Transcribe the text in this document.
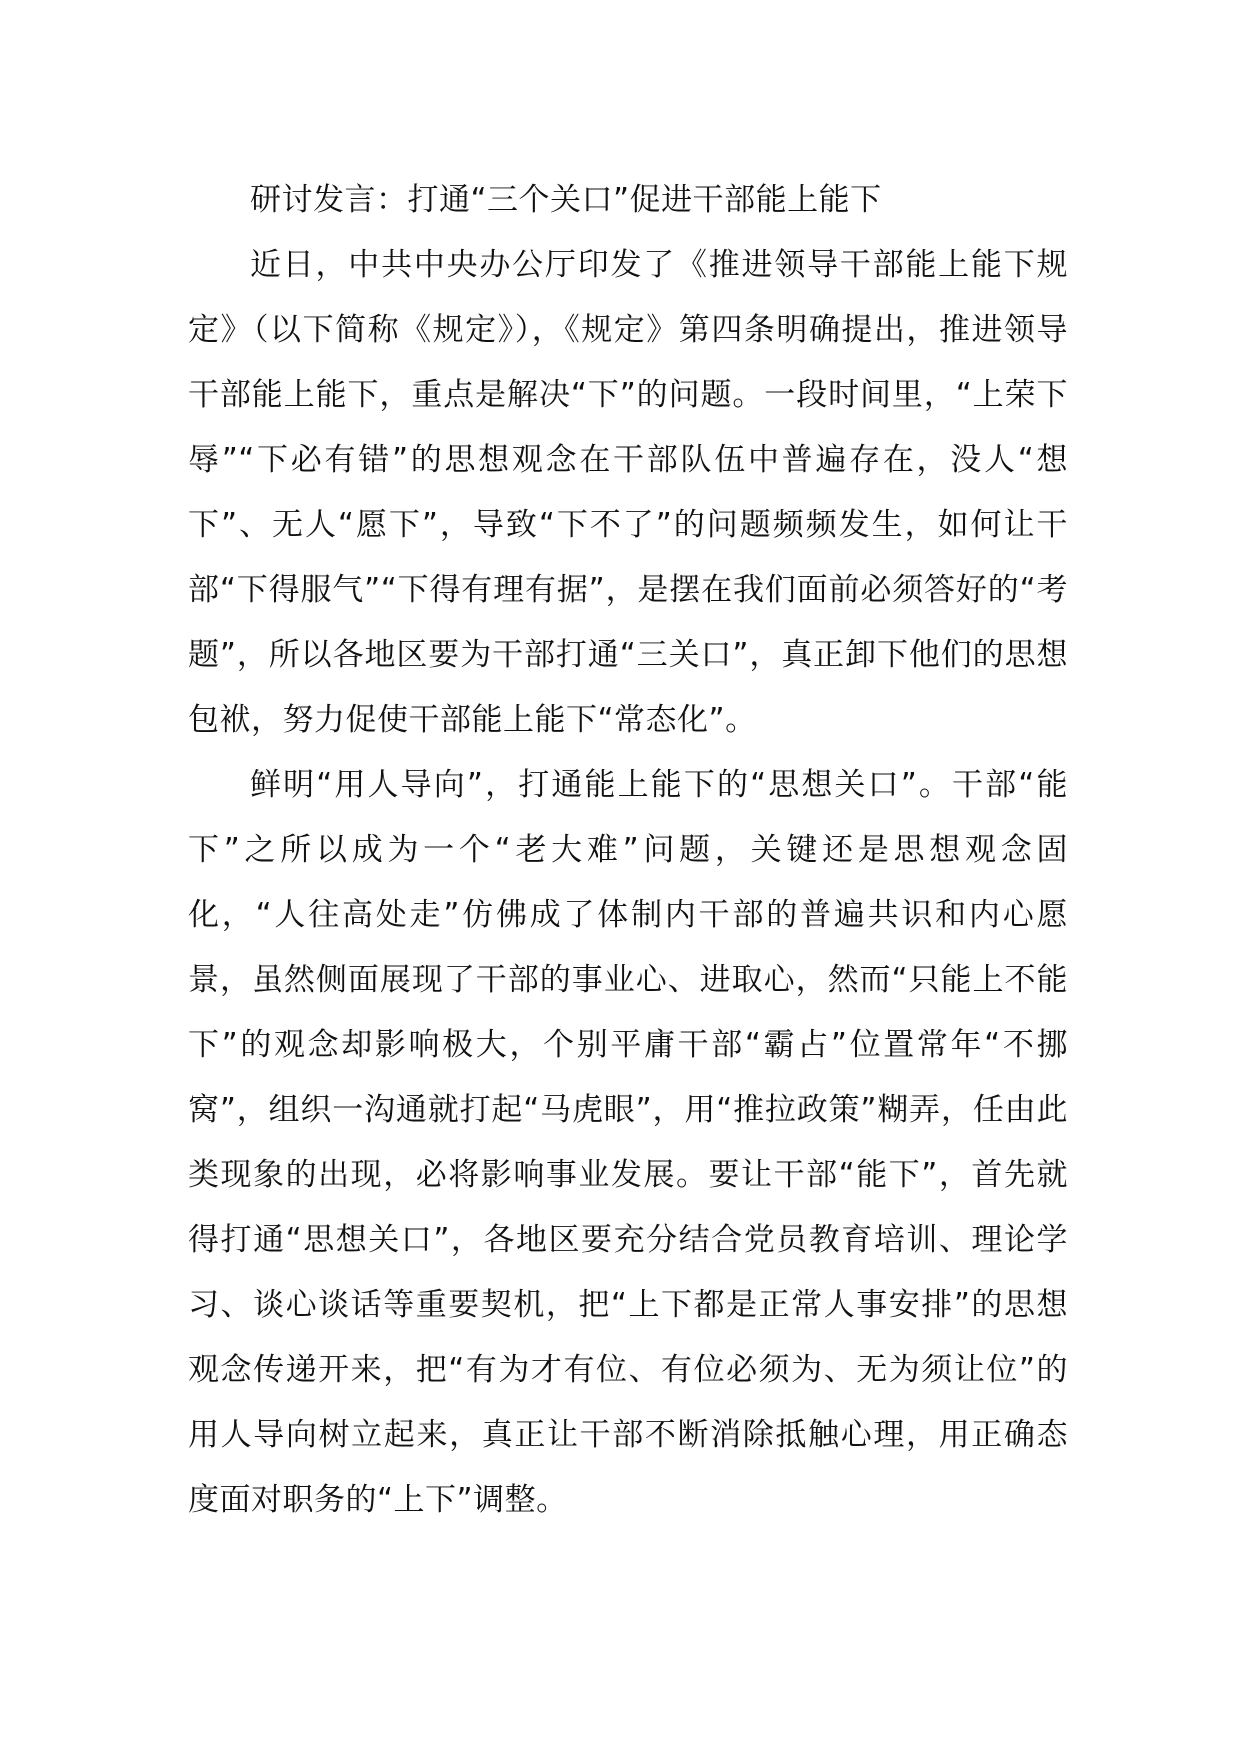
研讨发言：打通“三个关口”促进干部能上能下

近日，中共中央办公厅印发了《推进领导干部能上能下规定》（以下简称《规定》），《规定》第四条明确提出，推进领导干部能上能下，重点是解决“下”的问题。一段时间里，“上荣下辱”“下必有错”的思想观念在干部队伍中普遍存在，没人“想下”、无人“愿下”，导致“下不了”的问题频频发生，如何让干部“下得服气”“下得有理有据”，是摆在我们面前必须答好的“考题”，所以各地区要为干部打通“三关口”，真正卸下他们的思想包袱，努力促使干部能上能下“常态化”。

鲜明“用人导向”，打通能上能下的“思想关口”。干部“能下”之所以成为一个“老大难”问题，关键还是思想观念固化，“人往高处走”仿佛成了体制内干部的普遍共识和内心愿景，虽然侧面展现了干部的事业心、进取心，然而“只能上不能下”的观念却影响极大，个别平庸干部“霸占”位置常年“不挪窝”，组织一沟通就打起“马虎眼”，用“推拉政策”糊弄，任由此类现象的出现，必将影响事业发展。要让干部“能下”，首先就得打通“思想关口”，各地区要充分结合党员教育培训、理论学习、谈心谈话等重要契机，把“上下都是正常人事安排”的思想观念传递开来，把“有为才有位、有位必须为、无为须让位”的用人导向树立起来，真正让干部不断消除抵触心理，用正确态度面对职务的“上下”调整。
